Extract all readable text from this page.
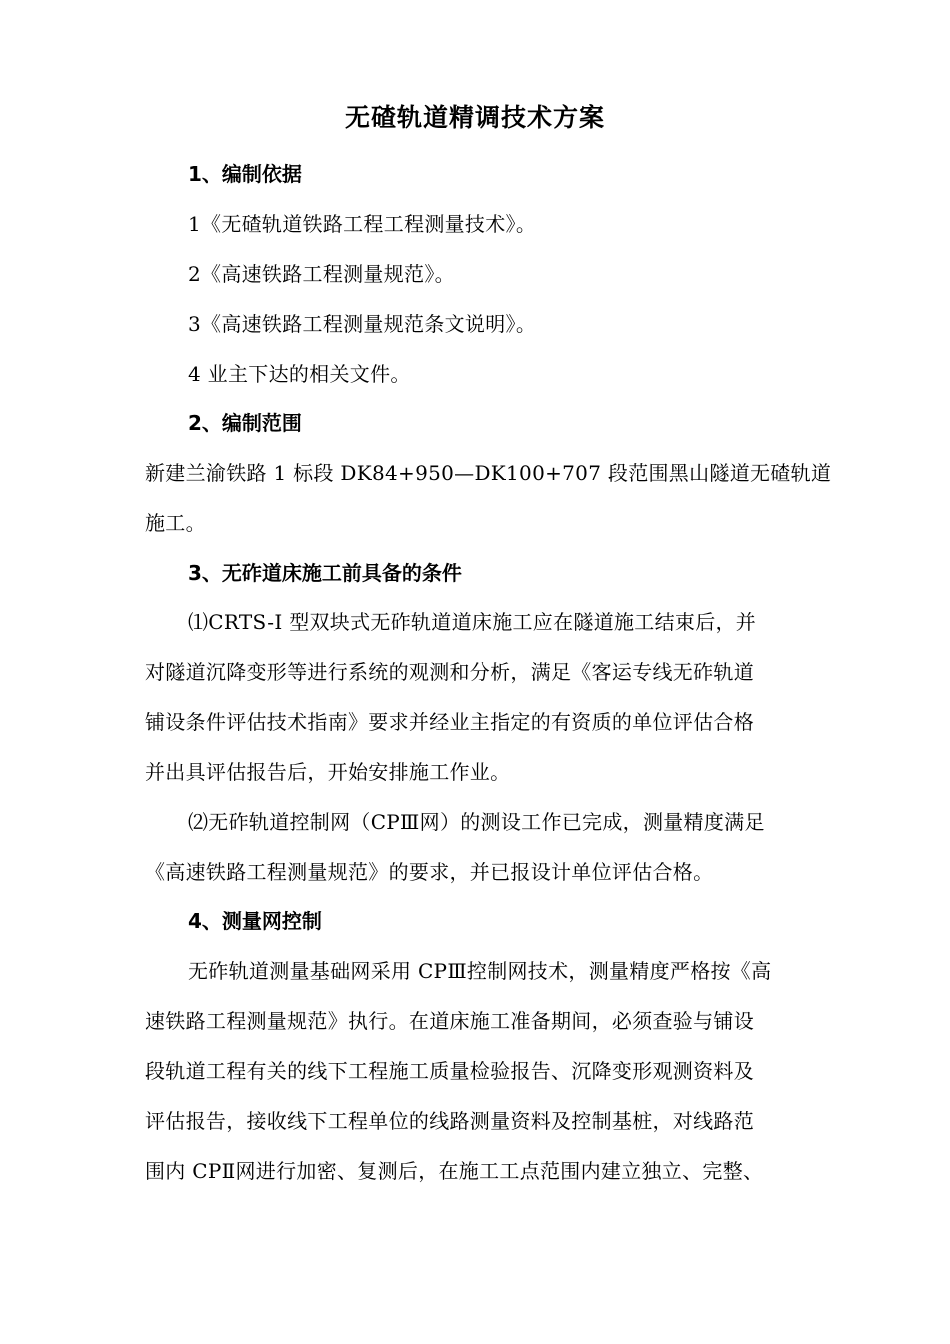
无碴轨道精调技术方案
1、编制依据
1《无碴轨道铁路工程工程测量技术》。
2《高速铁路工程测量规范》。
3《高速铁路工程测量规范条文说明》。
4 业主下达的相关文件。
2、编制范围
新建兰渝铁路 1 标段 DK84+950—DK100+707 段范围黑山隧道无碴轨道
施工。
3、无砟道床施工前具备的条件
⑴CRTS-I 型双块式无砟轨道道床施工应在隧道施工结束后，并
对隧道沉降变形等进行系统的观测和分析，满足《客运专线无砟轨道
铺设条件评估技术指南》要求并经业主指定的有资质的单位评估合格
并出具评估报告后，开始安排施工作业。
⑵无砟轨道控制网（CPⅢ网）的测设工作已完成，测量精度满足
《高速铁路工程测量规范》的要求，并已报设计单位评估合格。
4、测量网控制
无砟轨道测量基础网采用 CPⅢ控制网技术，测量精度严格按《高
速铁路工程测量规范》执行。在道床施工准备期间，必须查验与铺设
段轨道工程有关的线下工程施工质量检验报告、沉降变形观测资料及
评估报告，接收线下工程单位的线路测量资料及控制基桩，对线路范
围内 CPⅡ网进行加密、复测后，在施工工点范围内建立独立、完整、
